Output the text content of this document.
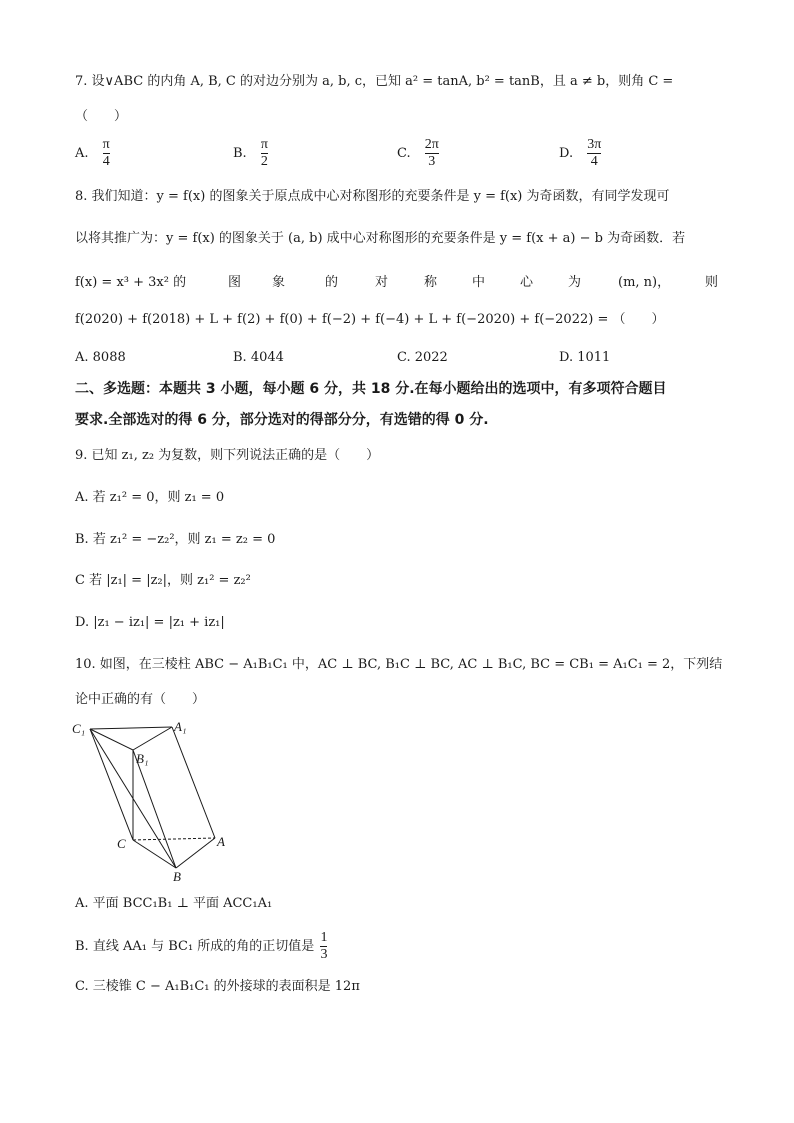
7. 设∨ABC 的内角 A, B, C 的对边分别为 a, b, c，已知 a² = tanA, b² = tanB，且 a ≠ b，则角 C =
（　　）
A. $\frac{\pi}{4}$	B. $\frac{\pi}{2}$	C. $\frac{2\pi}{3}$	D. $\frac{3\pi}{4}$
8. 我们知道：y = f(x) 的图象关于原点成中心对称图形的充要条件是 y = f(x) 为奇函数，有同学发现可
以将其推广为：y = f(x) 的图象关于 (a, b) 成中心对称图形的充要条件是 y = f(x + a) − b 为奇函数．若
f(x) = x³ + 3x² 的	图 象	的	对	称	中	心	为	(m, n)，	则
f(2020) + f(2018) + L + f(2) + f(0) + f(−2) + f(−4) + L + f(−2020) + f(−2022) = （　　）
A. 8088	B. 4044	C. 2022	D. 1011
二、多选题：本题共 3 小题，每小题 6 分，共 18 分.在每小题给出的选项中，有多项符合题目
要求.全部选对的得 6 分，部分选对的得部分分，有选错的得 0 分.
9. 已知 z₁, z₂ 为复数，则下列说法正确的是（　　）
A. 若 z₁² = 0，则 z₁ = 0
B. 若 z₁² = −z₂²，则 z₁ = z₂ = 0
C 若 |z₁| = |z₂|，则 z₁² = z₂²
D. |z₁ − iz₁| = |z₁ + iz₁|
10. 如图，在三棱柱 ABC − A₁B₁C₁ 中，AC ⊥ BC, B₁C ⊥ BC, AC ⊥ B₁C, BC = CB₁ = A₁C₁ = 2，下列结
论中正确的有（　　）
C₁	A₁
B₁
C	A
B
A. 平面 BCC₁B₁ ⊥ 平面 ACC₁A₁
B. 直线 AA₁ 与 BC₁ 所成的角的正切值是 $\frac{1}{3}$
C. 三棱锥 C − A₁B₁C₁ 的外接球的表面积是 12π
